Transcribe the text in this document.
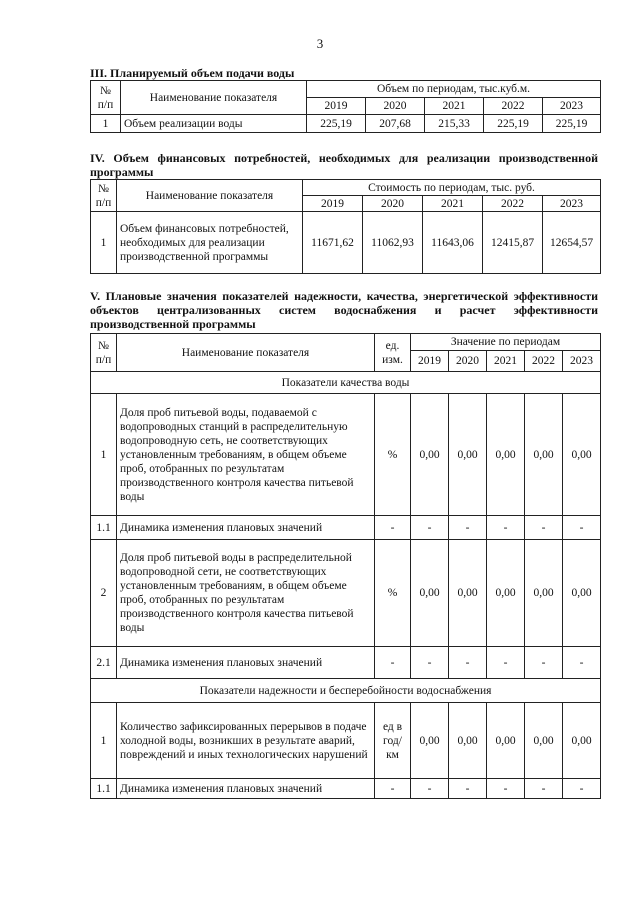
3
III. Планируемый объем подачи воды
№ п/п	Наименование показателя	Объем по периодам, тыс.куб.м.				
		2019	2020	2021	2022	2023
1	Объем реализации воды	225,19	207,68	215,33	225,19	225,19
IV. Объем финансовых потребностей, необходимых для реализации производственной программы
№ п/п	Наименование показателя	Стоимость по периодам, тыс. руб.				
		2019	2020	2021	2022	2023
1	Объем финансовых потребностей, необходимых для реализации производственной программы	11671,62	11062,93	11643,06	12415,87	12654,57
V. Плановые значения показателей надежности, качества, энергетической эффективности объектов централизованных систем водоснабжения и расчет эффективности производственной программы
№ п/п	Наименование показателя	ед. изм.	Значение по периодам				
			2019	2020	2021	2022	2023
Показатели качества воды							
1	Доля проб питьевой воды, подаваемой с водопроводных станций в распределительную водопроводную сеть, не соответствующих установленным требованиям, в общем объеме проб, отобранных по результатам производственного контроля качества питьевой воды	%	0,00	0,00	0,00	0,00	0,00
1.1	Динамика изменения плановых значений	-	-	-	-	-	-
2	Доля проб питьевой воды в распределительной водопроводной сети, не соответствующих установленным требованиям, в общем объеме проб, отобранных по результатам производственного контроля качества питьевой воды	%	0,00	0,00	0,00	0,00	0,00
2.1	Динамика изменения плановых значений	-	-	-	-	-	-
Показатели надежности и бесперебойности водоснабжения							
1	Количество зафиксированных перерывов в подаче холодной воды, возникших в результате аварий, повреждений и иных технологических нарушений	ед в год/ км	0,00	0,00	0,00	0,00	0,00
1.1	Динамика изменения плановых значений	-	-	-	-	-	-
